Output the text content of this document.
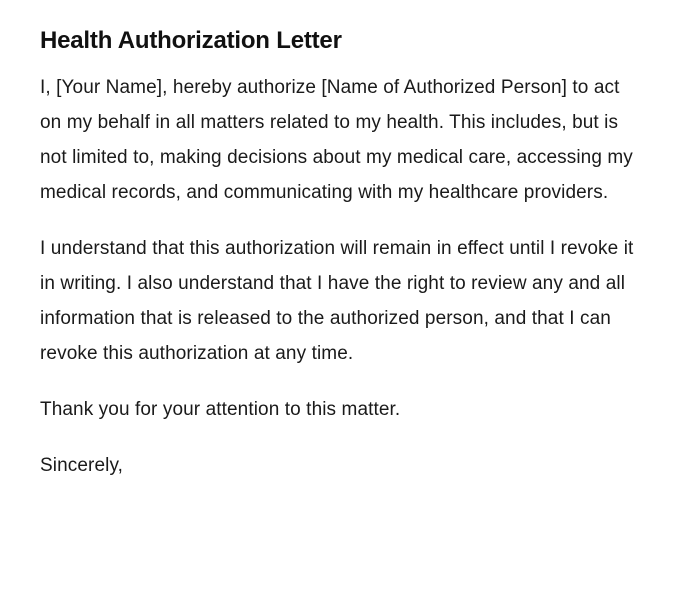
Health Authorization Letter

I, [Your Name], hereby authorize [Name of Authorized Person] to act on my behalf in all matters related to my health. This includes, but is not limited to, making decisions about my medical care, accessing my medical records, and communicating with my healthcare providers.

I understand that this authorization will remain in effect until I revoke it in writing. I also understand that I have the right to review any and all information that is released to the authorized person, and that I can revoke this authorization at any time.

Thank you for your attention to this matter.

Sincerely,
